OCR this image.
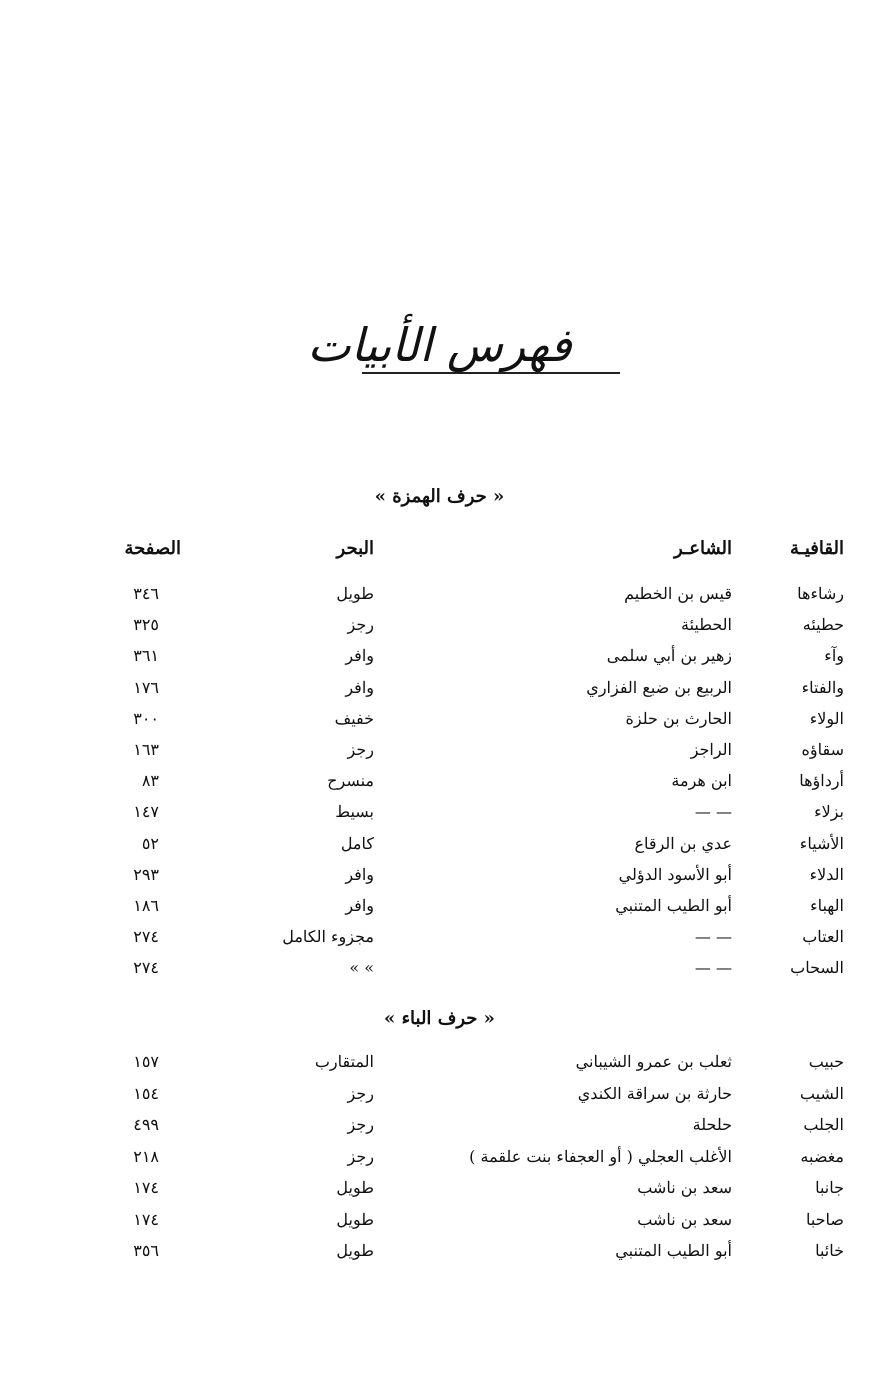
فهرس الأبيات
« حرف الهمزة »
القافيـة
الشاعـر
البحر
الصفحة
رشاءها
قيس بن الخطيم
طويل
٣٤٦
حطيئه
الحطيئة
رجز
٣٢٥
وآء
زهير بن أبي سلمى
وافر
٣٦١
والفتاء
الربيع بن ضبع الفزاري
وافر
١٧٦
الولاء
الحارث بن حلزة
خفيف
٣٠٠
سقاؤه
الراجز
رجز
١٦٣
أرداؤها
ابن هرمة
منسرح
٨٣
بزلاء
— —
بسيط
١٤٧
الأشياء
عدي بن الرقاع
كامل
٥٢
الدلاء
أبو الأسود الدؤلي
وافر
٢٩٣
الهباء
أبو الطيب المتنبي
وافر
١٨٦
العتاب
— —
مجزوء الكامل
٢٧٤
السحاب
— —
» »
٢٧٤
« حرف الباء »
حبيب
ثعلب بن عمرو الشيباني
المتقارب
١٥٧
الشيب
حارثة بن سراقة الكندي
رجز
١٥٤
الجلب
حلحلة
رجز
٤٩٩
مغضبه
الأغلب العجلي ( أو العجفاء بنت علقمة )
رجز
٢١٨
جانبا
سعد بن ناشب
طويل
١٧٤
صاحبا
سعد بن ناشب
طويل
١٧٤
خائبا
أبو الطيب المتنبي
طويل
٣٥٦
